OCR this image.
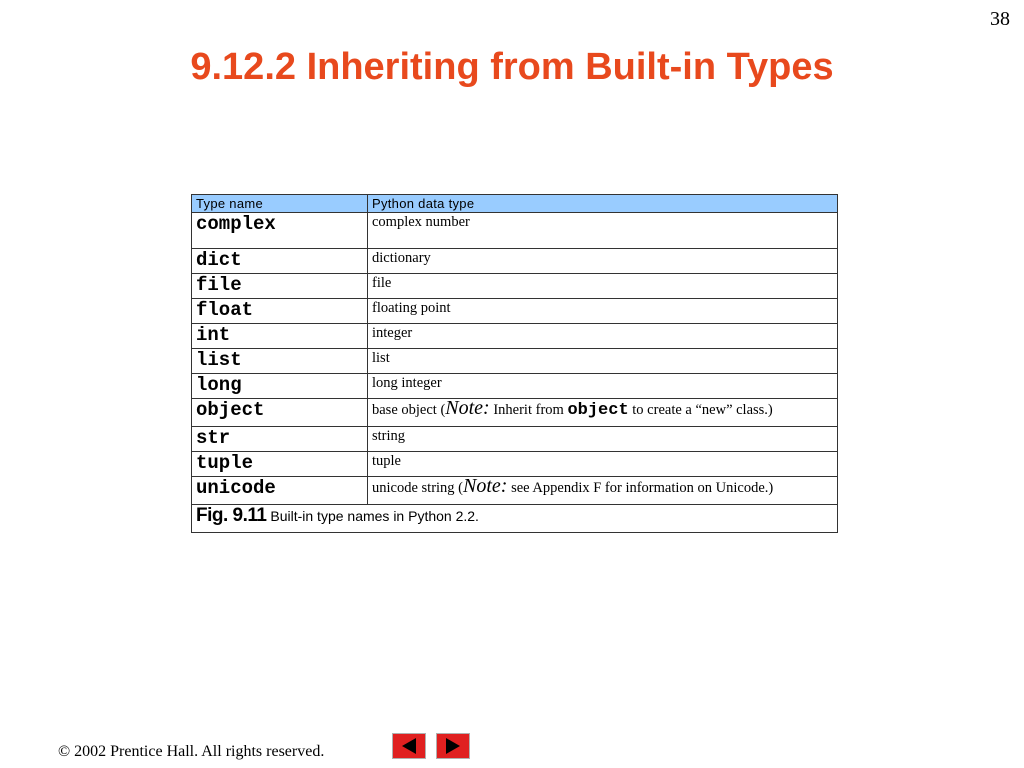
38
9.12.2 Inheriting from Built-in Types
Type name	Python data type
complex	complex number
dict	dictionary
file	file
float	floating point
int	integer
list	list
long	long integer
object	base object (Note: Inherit from object to create a “new” class.)
str	string
tuple	tuple
unicode	unicode string (Note: see Appendix F for information on Unicode.)
Fig. 9.11 Built-in type names in Python 2.2.	
© 2002 Prentice Hall. All rights reserved.
